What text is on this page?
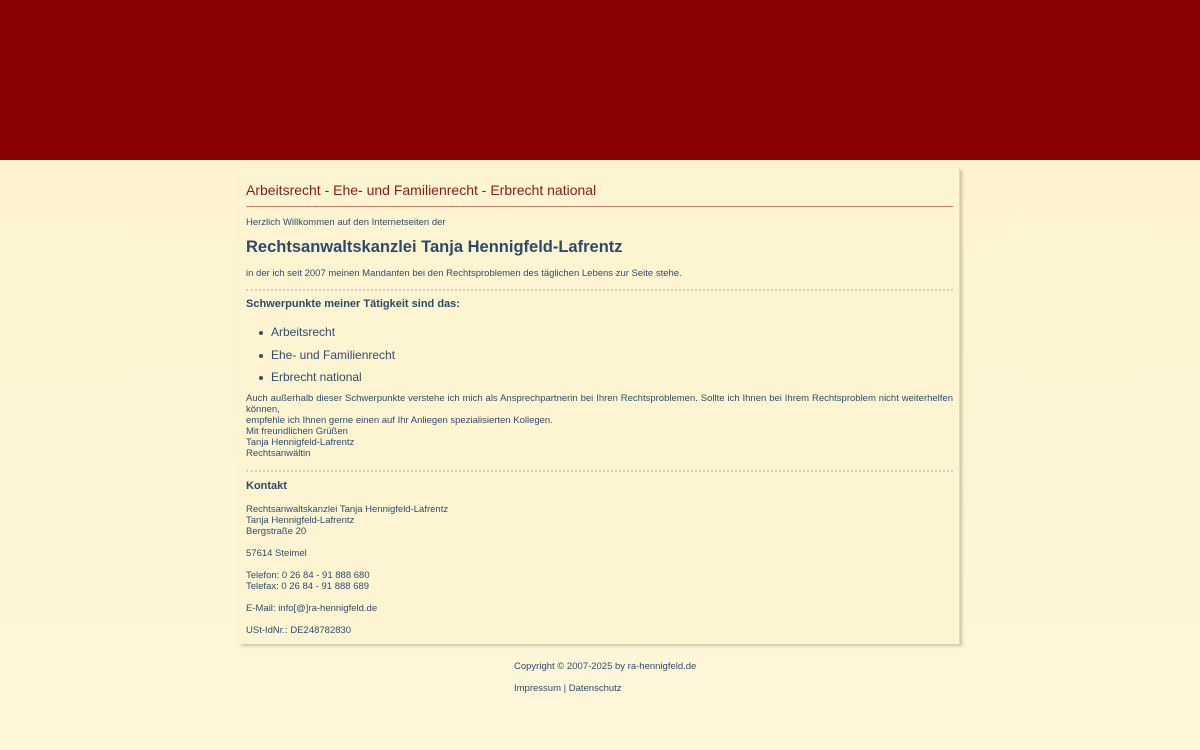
Arbeitsrecht - Ehe- und Familienrecht - Erbrecht national

Herzlich Willkommen auf den Internetseiten der

Rechtsanwaltskanzlei Tanja Hennigfeld-Lafrentz

in der ich seit 2007 meinen Mandanten bei den Rechtsproblemen des täglichen Lebens zur Seite stehe.

Schwerpunkte meiner Tätigkeit sind das:
Arbeitsrecht
Ehe- und Familienrecht
Erbrecht national
Auch außerhalb dieser Schwerpunkte verstehe ich mich als Ansprechpartnerin bei Ihren Rechtsproblemen. Sollte ich Ihnen bei Ihrem Rechtsproblem nicht weiterhelfen können,
empfehle ich Ihnen gerne einen auf Ihr Anliegen spezialisierten Kollegen.
Mit freundlichen Grüßen
Tanja Hennigfeld-Lafrentz
Rechtsanwältin
Kontakt
Rechtsanwaltskanzlei Tanja Hennigfeld-Lafrentz
Tanja Hennigfeld-Lafrentz
Bergstraße 20
57614 Steimel
Telefon: 0 26 84 - 91 888 680
Telefax: 0 26 84 - 91 888 689
E-Mail: info[@]ra-hennigfeld.de
USt-IdNr.: DE248782830

Copyright © 2007-2025 by ra-hennigfeld.de

Impressum | Datenschutz
